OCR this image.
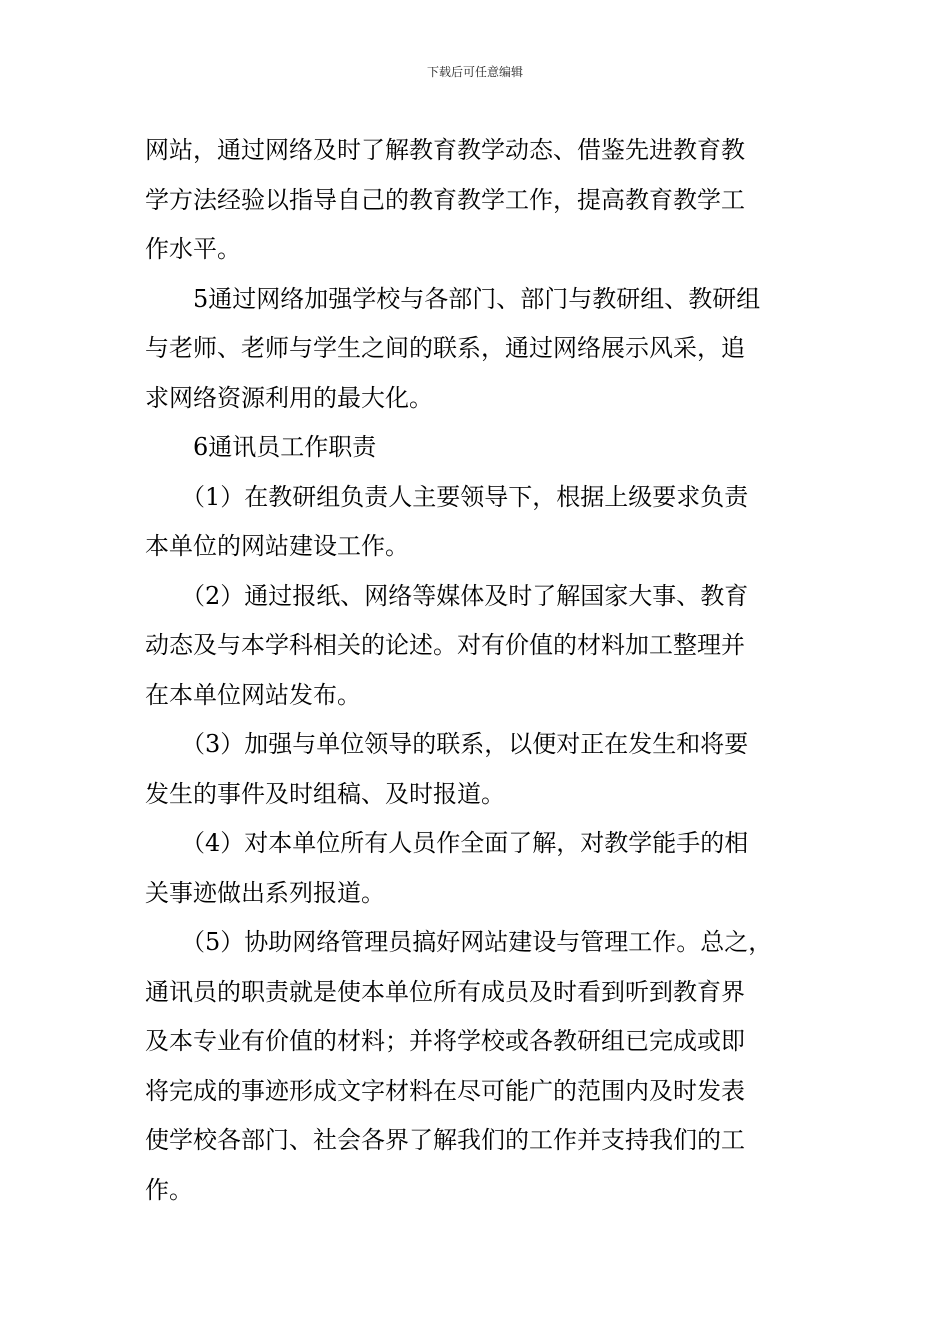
下载后可任意编辑
网站，通过网络及时了解教育教学动态、借鉴先进教育教
学方法经验以指导自己的教育教学工作，提高教育教学工
作水平。
　　5通过网络加强学校与各部门、部门与教研组、教研组
与老师、老师与学生之间的联系，通过网络展示风采，追
求网络资源利用的最大化。
　　6通讯员工作职责
　　（1）在教研组负责人主要领导下，根据上级要求负责
本单位的网站建设工作。
　　（2）通过报纸、网络等媒体及时了解国家大事、教育
动态及与本学科相关的论述。对有价值的材料加工整理并
在本单位网站发布。
　　（3）加强与单位领导的联系，以便对正在发生和将要
发生的事件及时组稿、及时报道。
　　（4）对本单位所有人员作全面了解，对教学能手的相
关事迹做出系列报道。
　　（5）协助网络管理员搞好网站建设与管理工作。总之，
通讯员的职责就是使本单位所有成员及时看到听到教育界
及本专业有价值的材料；并将学校或各教研组已完成或即
将完成的事迹形成文字材料在尽可能广的范围内及时发表
使学校各部门、社会各界了解我们的工作并支持我们的工
作。
